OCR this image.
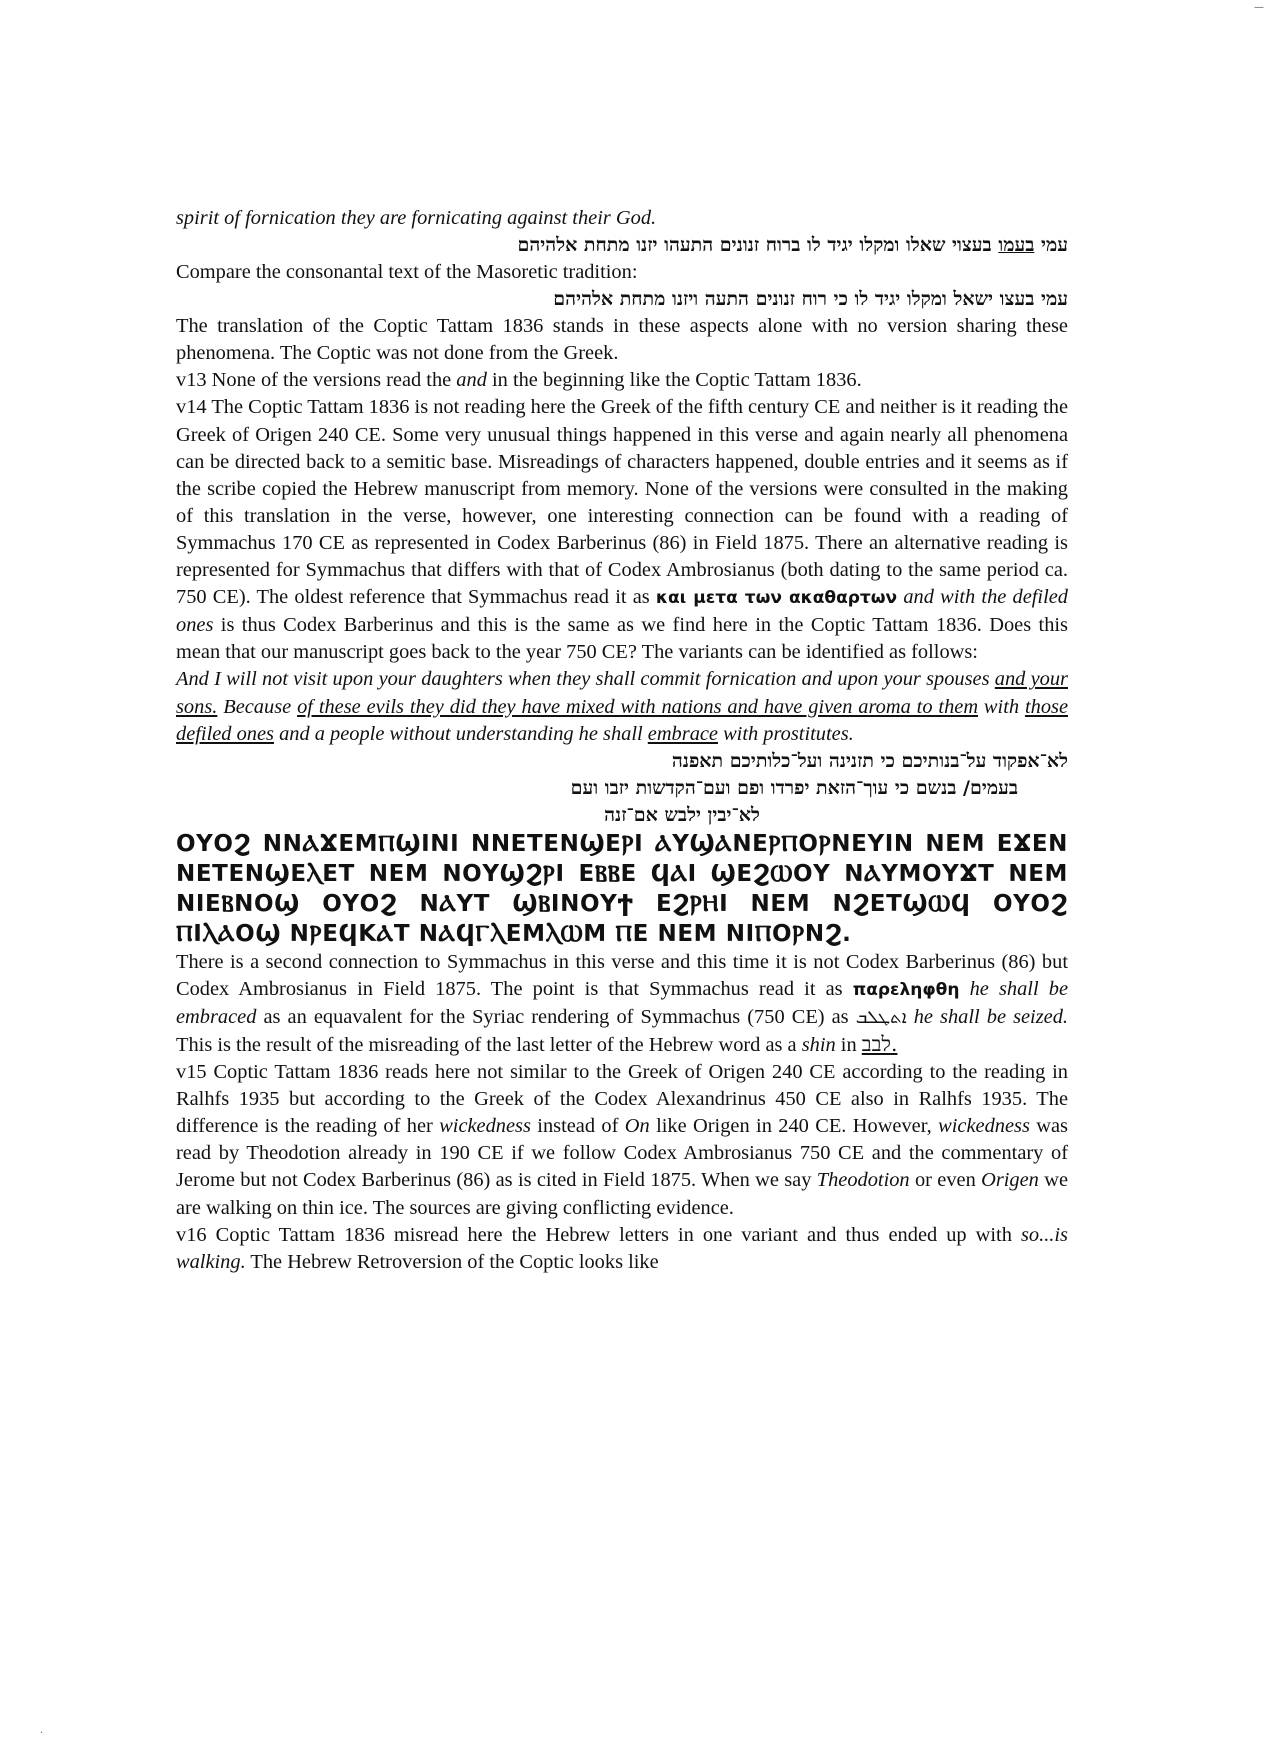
spirit of fornication they are fornicating against their God.

עמי בעמו בעצוי שאלו ומקלו יגיד לו ברוח זנונים התעהו יזנו מתחת אלהיהם

Compare the consonantal text of the Masoretic tradition:

עמי בעצו ישאל ומקלו יגיד לו כי רוח זנונים התעה ויזנו מתחת אלהיהם

The translation of the Coptic Tattam 1836 stands in these aspects alone with no version sharing these phenomena. The Coptic was not done from the Greek.

v13 None of the versions read the and in the beginning like the Coptic Tattam 1836.

v14 The Coptic Tattam 1836 is not reading here the Greek of the fifth century CE and neither is it reading the Greek of Origen 240 CE. Some very unusual things happened in this verse and again nearly all phenomena can be directed back to a semitic base. Misreadings of characters happened, double entries and it seems as if the scribe copied the Hebrew manuscript from memory. None of the versions were consulted in the making of this translation in the verse, however, one interesting connection can be found with a reading of Symmachus 170 CE as represented in Codex Barberinus (86) in Field 1875. There an alternative reading is represented for Symmachus that differs with that of Codex Ambrosianus (both dating to the same period ca. 750 CE). The oldest reference that Symmachus read it as και μετα των ακαθαρτων and with the defiled ones is thus Codex Barberinus and this is the same as we find here in the Coptic Tattam 1836. Does this mean that our manuscript goes back to the year 750 CE? The variants can be identified as follows:

And I will not visit upon your daughters when they shall commit fornication and upon your spouses and your sons. Because of these evils they did they have mixed with nations and have given aroma to them with those defiled ones and a people without understanding he shall embrace with prostitutes.

לא־אפקוד על־בנותיכם כי תזנינה ועל־כלותיכם תאפנה

בעמים/ בנשם כי עוך־הזאת יפרדו ופם ועם־הקדשות יזבו ועם

לא־יבין ילבש אם־זנה

ΟΥΟϨ ΝΝⲀϪΕΜⲠϢΙΝΙ ΝΝΕΤΕΝϢΕⲢΙ ⲀΥϢⲀΝΕⲢⲠΟⲢΝΕΥΙΝ ΝΕΜ ΕϪΕΝ ΝΕΤΕΝϢΕⲖΕΤ ΝΕΜ ΝΟΥϢϨⲢΙ ΕⲂⲂΕ ϤⲀΙ ϢΕϨⲰΟΥ ΝⲀΥΜΟΥϪΤ ΝΕΜ ΝΙΕⲂΝΟϢ ΟΥΟϨ ΝⲀΥΤ ϢⲂΙΝΟΥϮ ΕϨⲢⲎΙ ΝΕΜ ΝϨΕΤϢⲰϤ ΟΥΟϨ ⲠΙⲖⲀΟϢ ΝⲢΕϤΚⲀΤ ΝⲀϤⲄⲖΕΜⲖⲰΜ ⲠΕ ΝΕΜ ΝΙⲠΟⲢΝϨ.

There is a second connection to Symmachus in this verse and this time it is not Codex Barberinus (86) but Codex Ambrosianus in Field 1875. The point is that Symmachus read it as παρεληφθη he shall be embraced as an equavalent for the Syriac rendering of Symmachus (750 CE) as ܐܬܛܠܒ he shall be seized. This is the result of the misreading of the last letter of the Hebrew word as a shin in לבב.

v15 Coptic Tattam 1836 reads here not similar to the Greek of Origen 240 CE according to the reading in Ralhfs 1935 but according to the Greek of the Codex Alexandrinus 450 CE also in Ralhfs 1935. The difference is the reading of her wickedness instead of On like Origen in 240 CE. However, wickedness was read by Theodotion already in 190 CE if we follow Codex Ambrosianus 750 CE and the commentary of Jerome but not Codex Barberinus (86) as is cited in Field 1875. When we say Theodotion or even Origen we are walking on thin ice. The sources are giving conflicting evidence.

v16 Coptic Tattam 1836 misread here the Hebrew letters in one variant and thus ended up with so...is walking. The Hebrew Retroversion of the Coptic looks like

—
·
